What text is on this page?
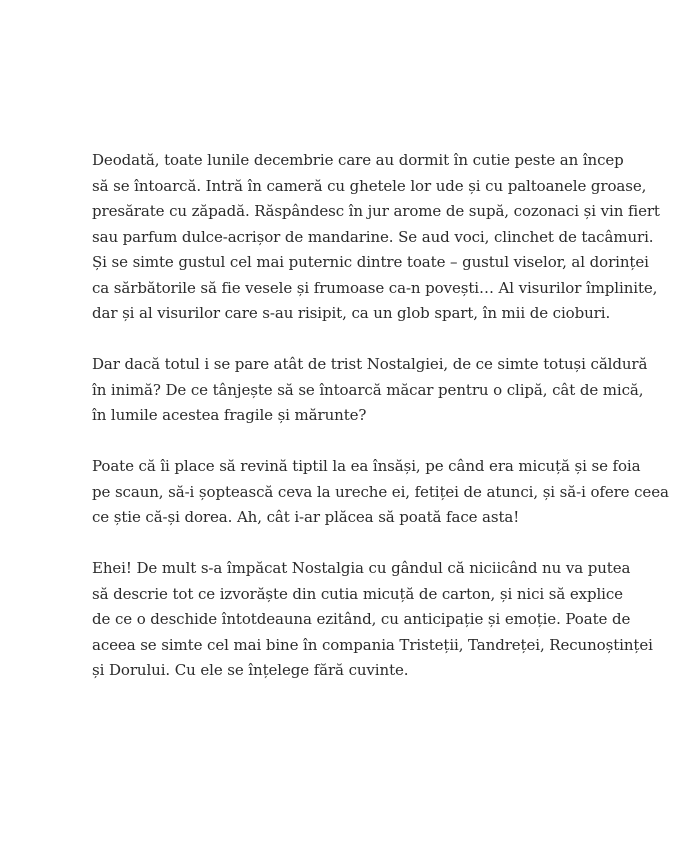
Deodată, toate lunile decembrie care au dormit în cutie peste an încep
să se întoarcă. Intră în cameră cu ghetele lor ude și cu paltoanele groase,
presărate cu zăpadă. Răspândesc în jur arome de supă, cozonaci și vin fiert
sau parfum dulce-acrișor de mandarine. Se aud voci, clinchet de tacâmuri.
Și se simte gustul cel mai puternic dintre toate – gustul viselor, al dorinței
ca sărbătorile să fie vesele și frumoase ca-n povești… Al visurilor împlinite,
dar și al visurilor care s-au risipit, ca un glob spart, în mii de cioburi.

Dar dacă totul i se pare atât de trist Nostalgiei, de ce simte totuși căldură
în inimă? De ce tânjește să se întoarcă măcar pentru o clipă, cât de mică,
în lumile acestea fragile și mărunte?

Poate că îi place să revină tiptil la ea însăși, pe când era micuță și se foia
pe scaun, să-i șoptească ceva la ureche ei, fetiței de atunci, și să-i ofere ceea
ce știe că-și dorea. Ah, cât i-ar plăcea să poată face asta!

Ehei! De mult s-a împăcat Nostalgia cu gândul că niciicând nu va putea
să descrie tot ce izvorăște din cutia micuță de carton, și nici să explice
de ce o deschide întotdeauna ezitând, cu anticipație și emoție. Poate de
aceea se simte cel mai bine în compania Tristeții, Tandreței, Recunoștinței
și Dorului. Cu ele se înțelege fără cuvinte.
